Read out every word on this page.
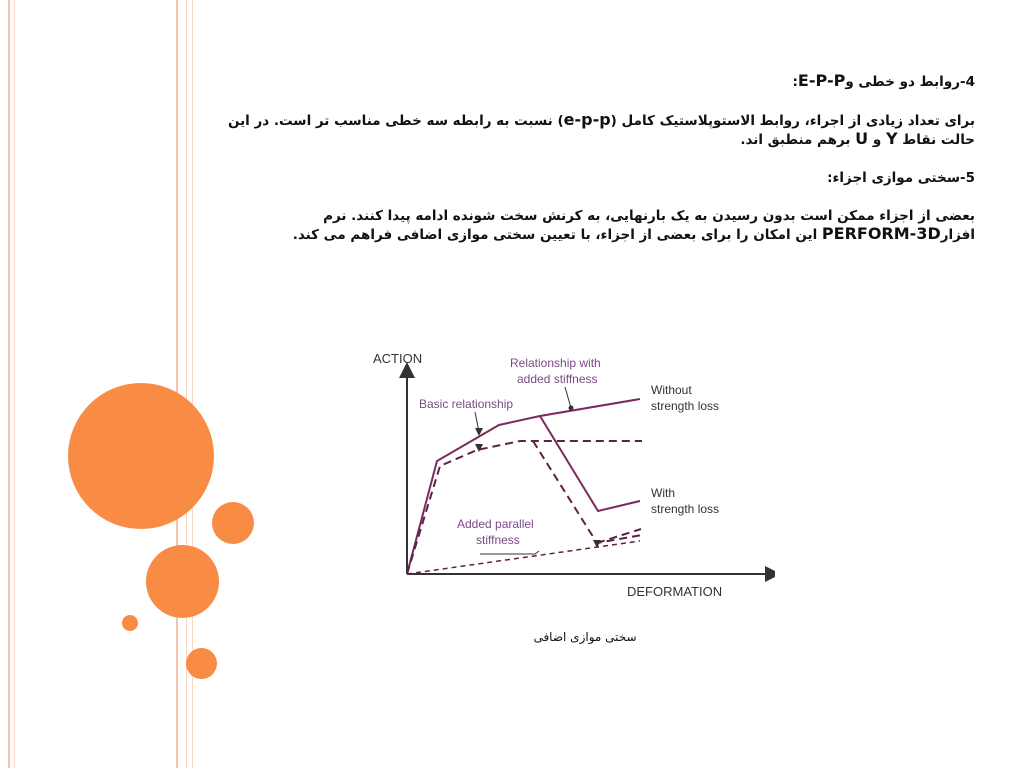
4-روابط دو خطی وE-P-P:

برای تعداد زیادی از اجراء، روابط الاستوپلاستیک کامل (e-p-p) نسبت به رابطه سه خطی مناسب تر است. در این حالت نقاط Y و U برهم منطبق اند.

5-سختی موازی اجزاء:

بعضی از اجزاء ممکن است بدون رسیدن به یک بارنهایی، به کرنش سخت شونده ادامه پیدا کنند. نرم افزارPERFORM-3D این امکان را برای بعضی از اجزاء، با تعیین سختی موازی اضافی فراهم می کند.

ACTION
DEFORMATION
Relationship with
added stiffness
Basic relationship
Without
strength loss
With
strength loss
Added parallel
stiffness
سختی موازی اضافی
